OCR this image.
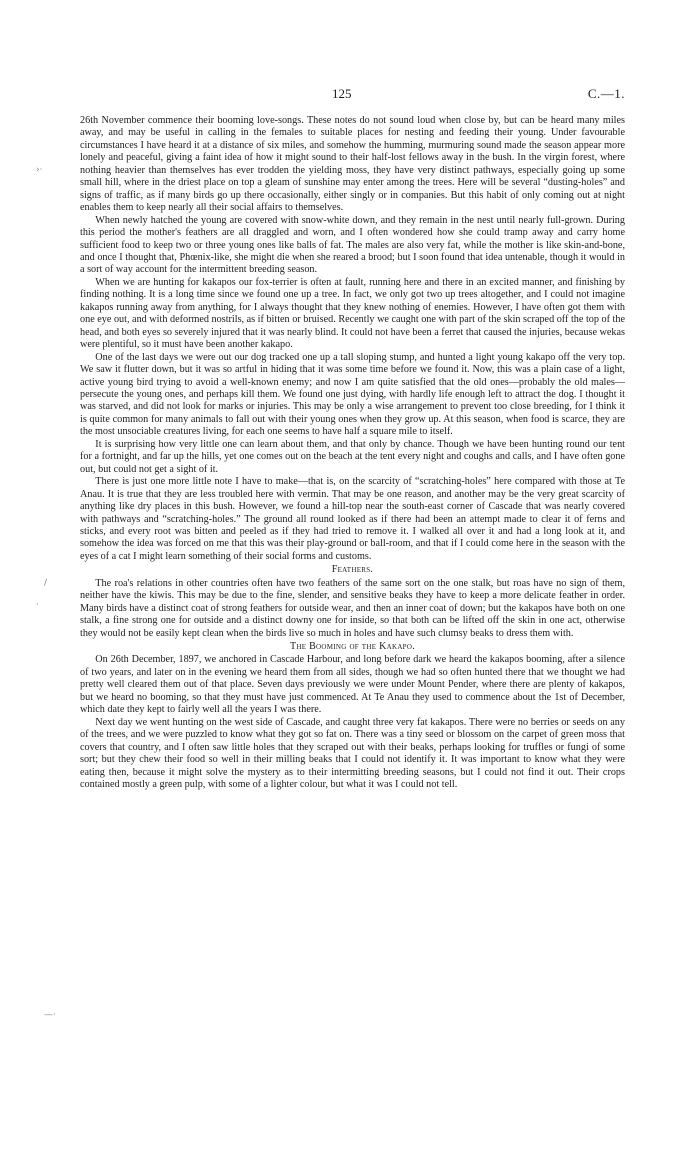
›·
/
·
—·
125	C.—1.

26th November commence their booming love-songs. These notes do not sound loud when close by, but can be heard many miles away, and may be useful in calling in the females to suitable places for nesting and feeding their young. Under favourable circumstances I have heard it at a distance of six miles, and somehow the humming, murmuring sound made the season appear more lonely and peaceful, giving a faint idea of how it might sound to their half-lost fellows away in the bush. In the virgin forest, where nothing heavier than themselves has ever trodden the yielding moss, they have very distinct pathways, especially going up some small hill, where in the driest place on top a gleam of sunshine may enter among the trees. Here will be several “dusting-holes” and signs of traffic, as if many birds go up there occasionally, either singly or in companies. But this habit of only coming out at night enables them to keep nearly all their social affairs to themselves.

When newly hatched the young are covered with snow-white down, and they remain in the nest until nearly full-grown. During this period the mother's feathers are all draggled and worn, and I often wondered how she could tramp away and carry home sufficient food to keep two or three young ones like balls of fat. The males are also very fat, while the mother is like skin-and-bone, and once I thought that, Phœnix-like, she might die when she reared a brood; but I soon found that idea untenable, though it would in a sort of way account for the intermittent breeding season.

When we are hunting for kakapos our fox-terrier is often at fault, running here and there in an excited manner, and finishing by finding nothing. It is a long time since we found one up a tree. In fact, we only got two up trees altogether, and I could not imagine kakapos running away from anything, for I always thought that they knew nothing of enemies. However, I have often got them with one eye out, and with deformed nostrils, as if bitten or bruised. Recently we caught one with part of the skin scraped off the top of the head, and both eyes so severely injured that it was nearly blind. It could not have been a ferret that caused the injuries, because wekas were plentiful, so it must have been another kakapo.

One of the last days we were out our dog tracked one up a tall sloping stump, and hunted a light young kakapo off the very top. We saw it flutter down, but it was so artful in hiding that it was some time before we found it. Now, this was a plain case of a light, active young bird trying to avoid a well-known enemy; and now I am quite satisfied that the old ones—probably the old males—persecute the young ones, and perhaps kill them. We found one just dying, with hardly life enough left to attract the dog. I thought it was starved, and did not look for marks or injuries. This may be only a wise arrangement to prevent too close breeding, for I think it is quite common for many animals to fall out with their young ones when they grow up. At this season, when food is scarce, they are the most unsociable creatures living, for each one seems to have half a square mile to itself.

It is surprising how very little one can learn about them, and that only by chance. Though we have been hunting round our tent for a fortnight, and far up the hills, yet one comes out on the beach at the tent every night and coughs and calls, and I have often gone out, but could not get a sight of it.

There is just one more little note I have to make—that is, on the scarcity of “scratching-holes” here compared with those at Te Anau. It is true that they are less troubled here with vermin. That may be one reason, and another may be the very great scarcity of anything like dry places in this bush. However, we found a hill-top near the south-east corner of Cascade that was nearly covered with pathways and “scratching-holes.” The ground all round looked as if there had been an attempt made to clear it of ferns and sticks, and every root was bitten and peeled as if they had tried to remove it. I walked all over it and had a long look at it, and somehow the idea was forced on me that this was their play-ground or ball-room, and that if I could come here in the season with the eyes of a cat I might learn something of their social forms and customs.

Feathers.

The roa's relations in other countries often have two feathers of the same sort on the one stalk, but roas have no sign of them, neither have the kiwis. This may be due to the fine, slender, and sensitive beaks they have to keep a more delicate feather in order. Many birds have a distinct coat of strong feathers for outside wear, and then an inner coat of down; but the kakapos have both on one stalk, a fine strong one for outside and a distinct downy one for inside, so that both can be lifted off the skin in one act, otherwise they would not be easily kept clean when the birds live so much in holes and have such clumsy beaks to dress them with.

The Booming of the Kakapo.

On 26th December, 1897, we anchored in Cascade Harbour, and long before dark we heard the kakapos booming, after a silence of two years, and later on in the evening we heard them from all sides, though we had so often hunted there that we thought we had pretty well cleared them out of that place. Seven days previously we were under Mount Pender, where there are plenty of kakapos, but we heard no booming, so that they must have just commenced. At Te Anau they used to commence about the 1st of December, which date they kept to fairly well all the years I was there.

Next day we went hunting on the west side of Cascade, and caught three very fat kakapos. There were no berries or seeds on any of the trees, and we were puzzled to know what they got so fat on. There was a tiny seed or blossom on the carpet of green moss that covers that country, and I often saw little holes that they scraped out with their beaks, perhaps looking for truffles or fungi of some sort; but they chew their food so well in their milling beaks that I could not identify it. It was important to know what they were eating then, because it might solve the mystery as to their intermitting breeding seasons, but I could not find it out. Their crops contained mostly a green pulp, with some of a lighter colour, but what it was I could not tell.
